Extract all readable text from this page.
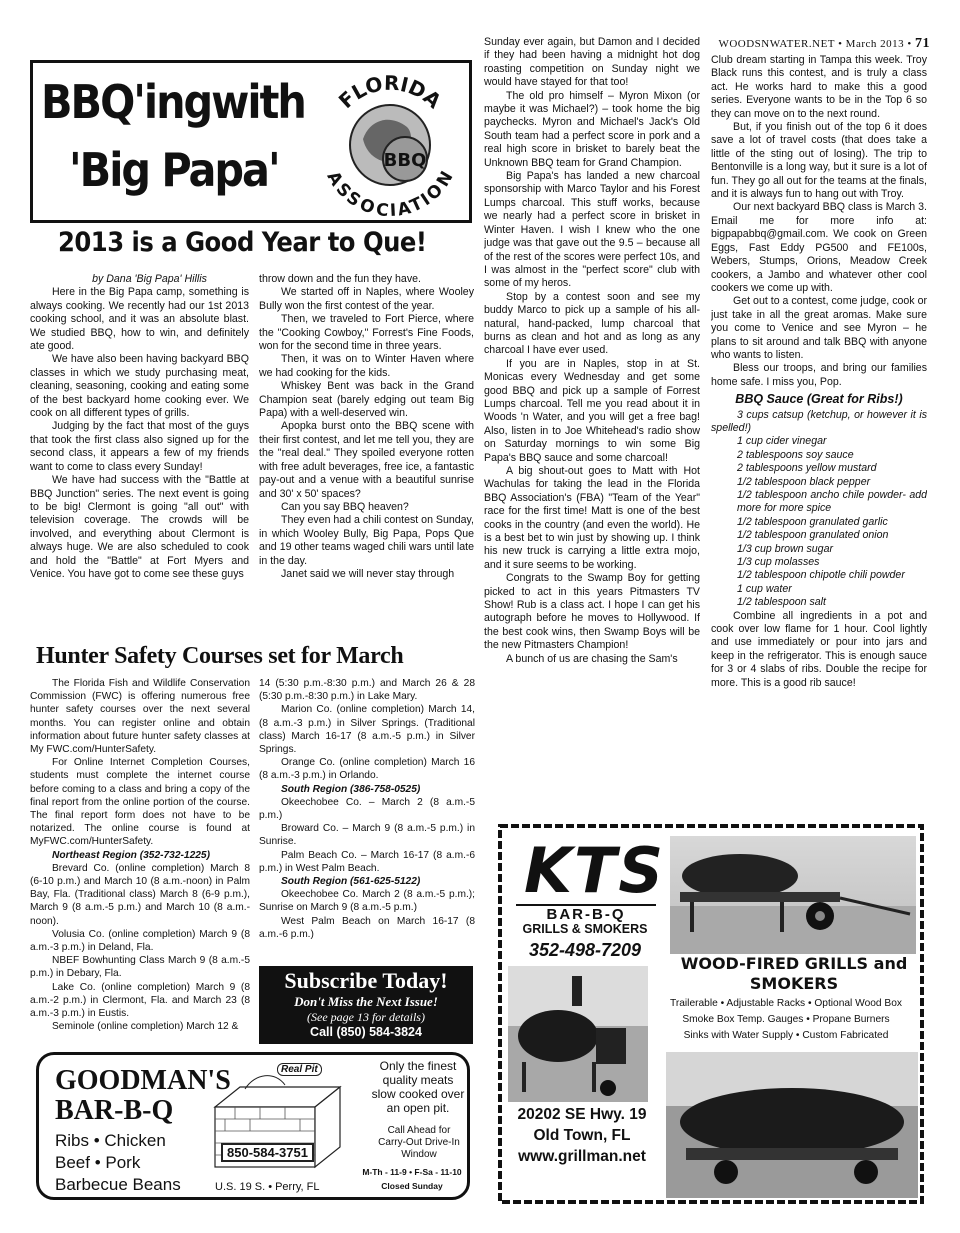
WOODSNWATER.NET • March 2013 • 71
BBQ'ingwith
'Big Papa'	BBQ
FLORIDA
ASSOCIATION
2013 is a Good Year to Que!
by Dana 'Big Papa' Hillis

Here in the Big Papa camp, something is always cooking. We recently had our 1st 2013 cooking school, and it was an absolute blast. We studied BBQ, how to win, and definitely ate good.

We have also been having backyard BBQ classes in which we study purchasing meat, cleaning, seasoning, cooking and eating some of the best backyard home cooking ever. We cook on all different types of grills.

Judging by the fact that most of the guys that took the first class also signed up for the second class, it appears a few of my friends want to come to class every Sunday!

We have had success with the "Battle at BBQ Junction" series. The next event is going to be big! Clermont is going "all out" with television coverage. The crowds will be involved, and everything about Clermont is always huge. We are also scheduled to cook and hold the "Battle" at Fort Myers and Venice. You have got to come see these guys

throw down and the fun they have.

We started off in Naples, where Wooley Bully won the first contest of the year.

Then, we traveled to Fort Pierce, where the "Cooking Cowboy," Forrest's Fine Foods, won for the second time in three years.

Then, it was on to Winter Haven where we had cooking for the kids.

Whiskey Bent was back in the Grand Champion seat (barely edging out team Big Papa) with a well-deserved win.

Apopka burst onto the BBQ scene with their first contest, and let me tell you, they are the "real deal." They spoiled everyone rotten with free adult beverages, free ice, a fantastic pay-out and a venue with a beautiful sunrise and 30' x 50' spaces?

Can you say BBQ heaven?

They even had a chili contest on Sunday, in which Wooley Bully, Big Papa, Pops Que and 19 other teams waged chili wars until late in the day.

Janet said we will never stay through

Sunday ever again, but Damon and I decided if they had been having a midnight hot dog roasting competition on Sunday night we would have stayed for that too!

The old pro himself – Myron Mixon (or maybe it was Michael?) – took home the big paychecks. Myron and Michael's Jack's Old South team had a perfect score in pork and a real high score in brisket to barely beat the Unknown BBQ team for Grand Champion.

Big Papa's has landed a new charcoal sponsorship with Marco Taylor and his Forest Lumps charcoal. This stuff works, because we nearly had a perfect score in brisket in Winter Haven. I wish I knew who the one judge was that gave out the 9.5 – because all of the rest of the scores were perfect 10s, and I was almost in the "perfect score" club with some of my heros.

Stop by a contest soon and see my buddy Marco to pick up a sample of his all-natural, hand-packed, lump charcoal that burns as clean and hot and as long as any charcoal I have ever used.

If you are in Naples, stop in at St. Monicas every Wednesday and get some good BBQ and pick up a sample of Forrest Lumps charcoal. Tell me you read about it in Woods 'n Water, and you will get a free bag! Also, listen in to Joe Whitehead's radio show on Saturday mornings to win some Big Papa's BBQ sauce and some charcoal!

A big shout-out goes to Matt with Hot Wachulas for taking the lead in the Florida BBQ Association's (FBA) "Team of the Year" race for the first time! Matt is one of the best cooks in the country (and even the world). He is a best bet to win just by showing up. I think his new truck is carrying a little extra mojo, and it sure seems to be working.

Congrats to the Swamp Boy for getting picked to act in this years Pitmasters TV Show! Rub is a class act. I hope I can get his autograph before he moves to Hollywood. If the best cook wins, then Swamp Boys will be the new Pitmasters Champion!

A bunch of us are chasing the Sam's

Club dream starting in Tampa this week. Troy Black runs this contest, and is truly a class act. He works hard to make this a good series. Everyone wants to be in the Top 6 so they can move on to the next round.

But, if you finish out of the top 6 it does save a lot of travel costs (that does take a little of the sting out of losing). The trip to Bentonville is a long way, but it sure is a lot of fun. They go all out for the teams at the finals, and it is always fun to hang out with Troy.

Our next backyard BBQ class is March 3. Email me for more info at: bigpapabbq@gmail.com. We cook on Green Eggs, Fast Eddy PG500 and FE100s, Webers, Stumps, Orions, Meadow Creek cookers, a Jambo and whatever other cool cookers we come up with.

Get out to a contest, come judge, cook or just take in all the great aromas. Make sure you come to Venice and see Myron – he plans to sit around and talk BBQ with anyone who wants to listen.

Bless our troops, and bring our families home safe. I miss you, Pop.

BBQ Sauce (Great for Ribs!)
3 cups catsup (ketchup, or however it is spelled!)
1 cup cider vinegar
2 tablespoons soy sauce
2 tablespoons yellow mustard
1/2 tablespoon black pepper
1/2 tablespoon ancho chile powder- add more for more spice
1/2 tablespoon granulated garlic
1/2 tablespoon granulated onion
1/3 cup brown sugar
1/3 cup molasses
1/2 tablespoon chipotle chili powder
1 cup water
1/2 tablespoon salt

Combine all ingredients in a pot and cook over low flame for 1 hour. Cool lightly and use immediately or pour into jars and keep in the refrigerator. This is enough sauce for 3 or 4 slabs of ribs. Double the recipe for more. This is a good rib sauce!

Hunter Safety Courses set for March

The Florida Fish and Wildlife Conservation Commission (FWC) is offering numerous free hunter safety courses over the next several months. You can register online and obtain information about future hunter safety classes at My FWC.com/HunterSafety.

For Online Internet Completion Courses, students must complete the internet course before coming to a class and bring a copy of the final report from the online portion of the course. The final report form does not have to be notarized. The online course is found at MyFWC.com/HunterSafety.

Northeast Region (352-732-1225)

Brevard Co. (online completion) March 8 (6-10 p.m.) and March 10 (8 a.m.-noon) in Palm Bay, Fla. (Traditional class) March 8 (6-9 p.m.), March 9 (8 a.m.-5 p.m.) and March 10 (8 a.m.-noon).

Volusia Co. (online completion) March 9 (8 a.m.-3 p.m.) in Deland, Fla.

NBEF Bowhunting Class March 9 (8 a.m.-5 p.m.) in Debary, Fla.

Lake Co. (online completion) March 9 (8 a.m.-2 p.m.) in Clermont, Fla. and March 23 (8 a.m.-3 p.m.) in Eustis.

Seminole (online completion) March 12 &

14 (5:30 p.m.-8:30 p.m.) and March 26 & 28 (5:30 p.m.-8:30 p.m.) in Lake Mary.

Marion Co. (online completion) March 14, (8 a.m.-3 p.m.) in Silver Springs. (Traditional class) March 16-17 (8 a.m.-5 p.m.) in Silver Springs.

Orange Co. (online completion) March 16 (8 a.m.-3 p.m.) in Orlando.

South Region (386-758-0525)

Okeechobee Co. – March 2 (8 a.m.-5 p.m.)

Broward Co. – March 9 (8 a.m.-5 p.m.) in Sunrise.

Palm Beach Co. – March 16-17 (8 a.m.-6 p.m.) in West Palm Beach.

South Region (561-625-5122)

Okeechobee Co. March 2 (8 a.m.-5 p.m.); Sunrise on March 9 (8 a.m.-5 p.m.)

West Palm Beach on March 16-17 (8 a.m.-6 p.m.)

Subscribe Today!
Don't Miss the Next Issue!
(See page 13 for details)
Call (850) 584-3824
GOODMAN'S
BAR-B-Q
Ribs • Chicken
Beef • Pork
Barbecue Beans
Real Pit
850-584-3751
U.S. 19 S. • Perry, FL
Only the finest quality meats slow cooked over an open pit.
Call Ahead for Carry-Out Drive-In Window
M-Th - 11-9 • F-Sa - 11-10
Closed Sunday
KTS
BAR-B-Q
GRILLS & SMOKERS
352-498-7209
WOOD-FIRED GRILLS and SMOKERS
Trailerable • Adjustable Racks • Optional Wood Box
Smoke Box Temp. Gauges • Propane Burners
Sinks with Water Supply • Custom Fabricated
20202 SE Hwy. 19
Old Town, FL
www.grillman.net
